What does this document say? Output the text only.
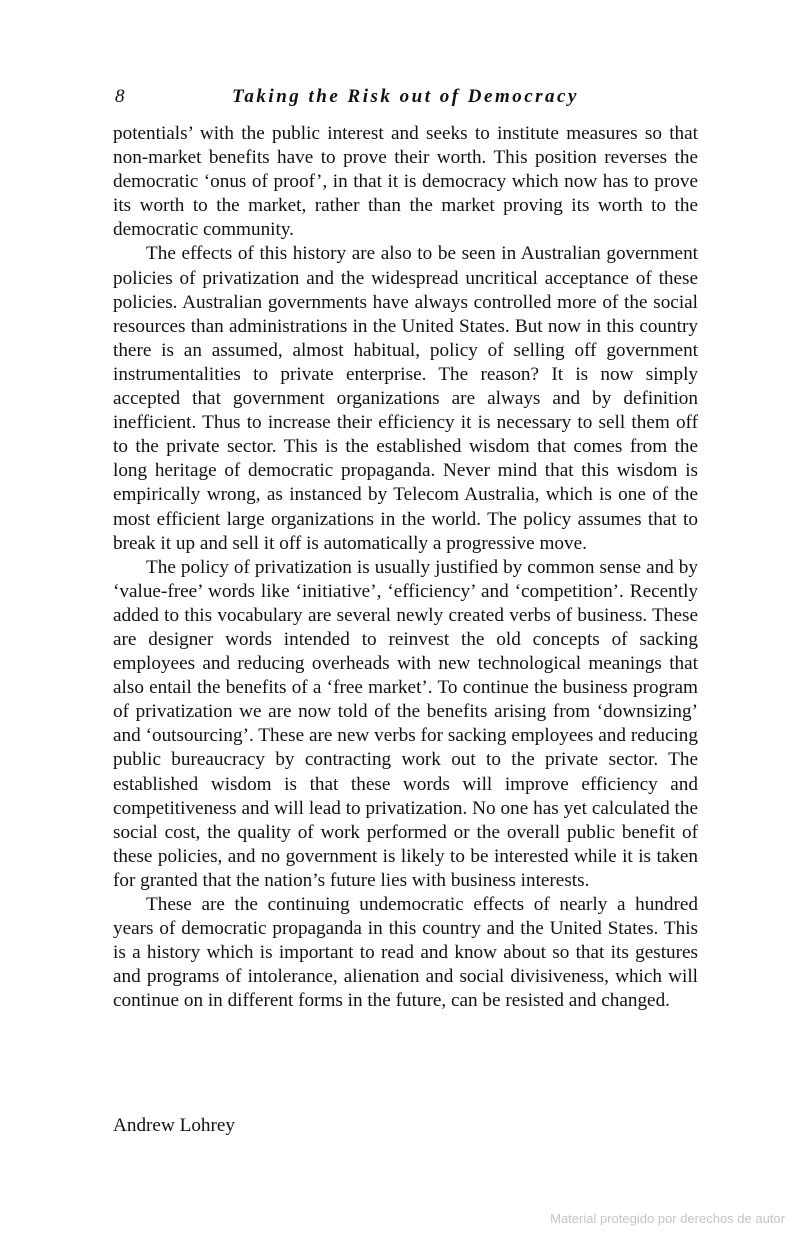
8	Taking the Risk out of Democracy

potentials’ with the public interest and seeks to institute measures so that non-market benefits have to prove their worth. This position reverses the democratic ‘onus of proof’, in that it is democracy which now has to prove its worth to the market, rather than the market proving its worth to the democratic community.

The effects of this history are also to be seen in Australian government policies of privatization and the widespread uncritical acceptance of these policies. Australian governments have always controlled more of the social resources than administrations in the United States. But now in this country there is an assumed, almost habitual, policy of selling off government instrumentalities to private enterprise. The reason? It is now simply accepted that government organizations are always and by definition inefficient. Thus to increase their efficiency it is necessary to sell them off to the private sector. This is the established wisdom that comes from the long heritage of democratic propaganda. Never mind that this wisdom is empirically wrong, as instanced by Telecom Australia, which is one of the most efficient large organizations in the world. The policy assumes that to break it up and sell it off is automatically a progressive move.

The policy of privatization is usually justified by common sense and by ‘value-free’ words like ‘initiative’, ‘efficiency’ and ‘competition’. Recently added to this vocabulary are several newly created verbs of business. These are designer words intended to reinvest the old concepts of sacking employees and reducing overheads with new technological meanings that also entail the benefits of a ‘free market’. To continue the business program of privatization we are now told of the benefits arising from ‘downsizing’ and ‘outsourcing’. These are new verbs for sacking employees and reducing public bureaucracy by contracting work out to the private sector. The established wisdom is that these words will improve efficiency and competitiveness and will lead to privatization. No one has yet calculated the social cost, the quality of work performed or the overall public benefit of these policies, and no government is likely to be interested while it is taken for granted that the nation’s future lies with business interests.

These are the continuing undemocratic effects of nearly a hundred years of democratic propaganda in this country and the United States. This is a history which is important to read and know about so that its gestures and programs of intolerance, alienation and social divisiveness, which will continue on in different forms in the future, can be resisted and changed.

Andrew Lohrey
Material protegido por derechos de autor
